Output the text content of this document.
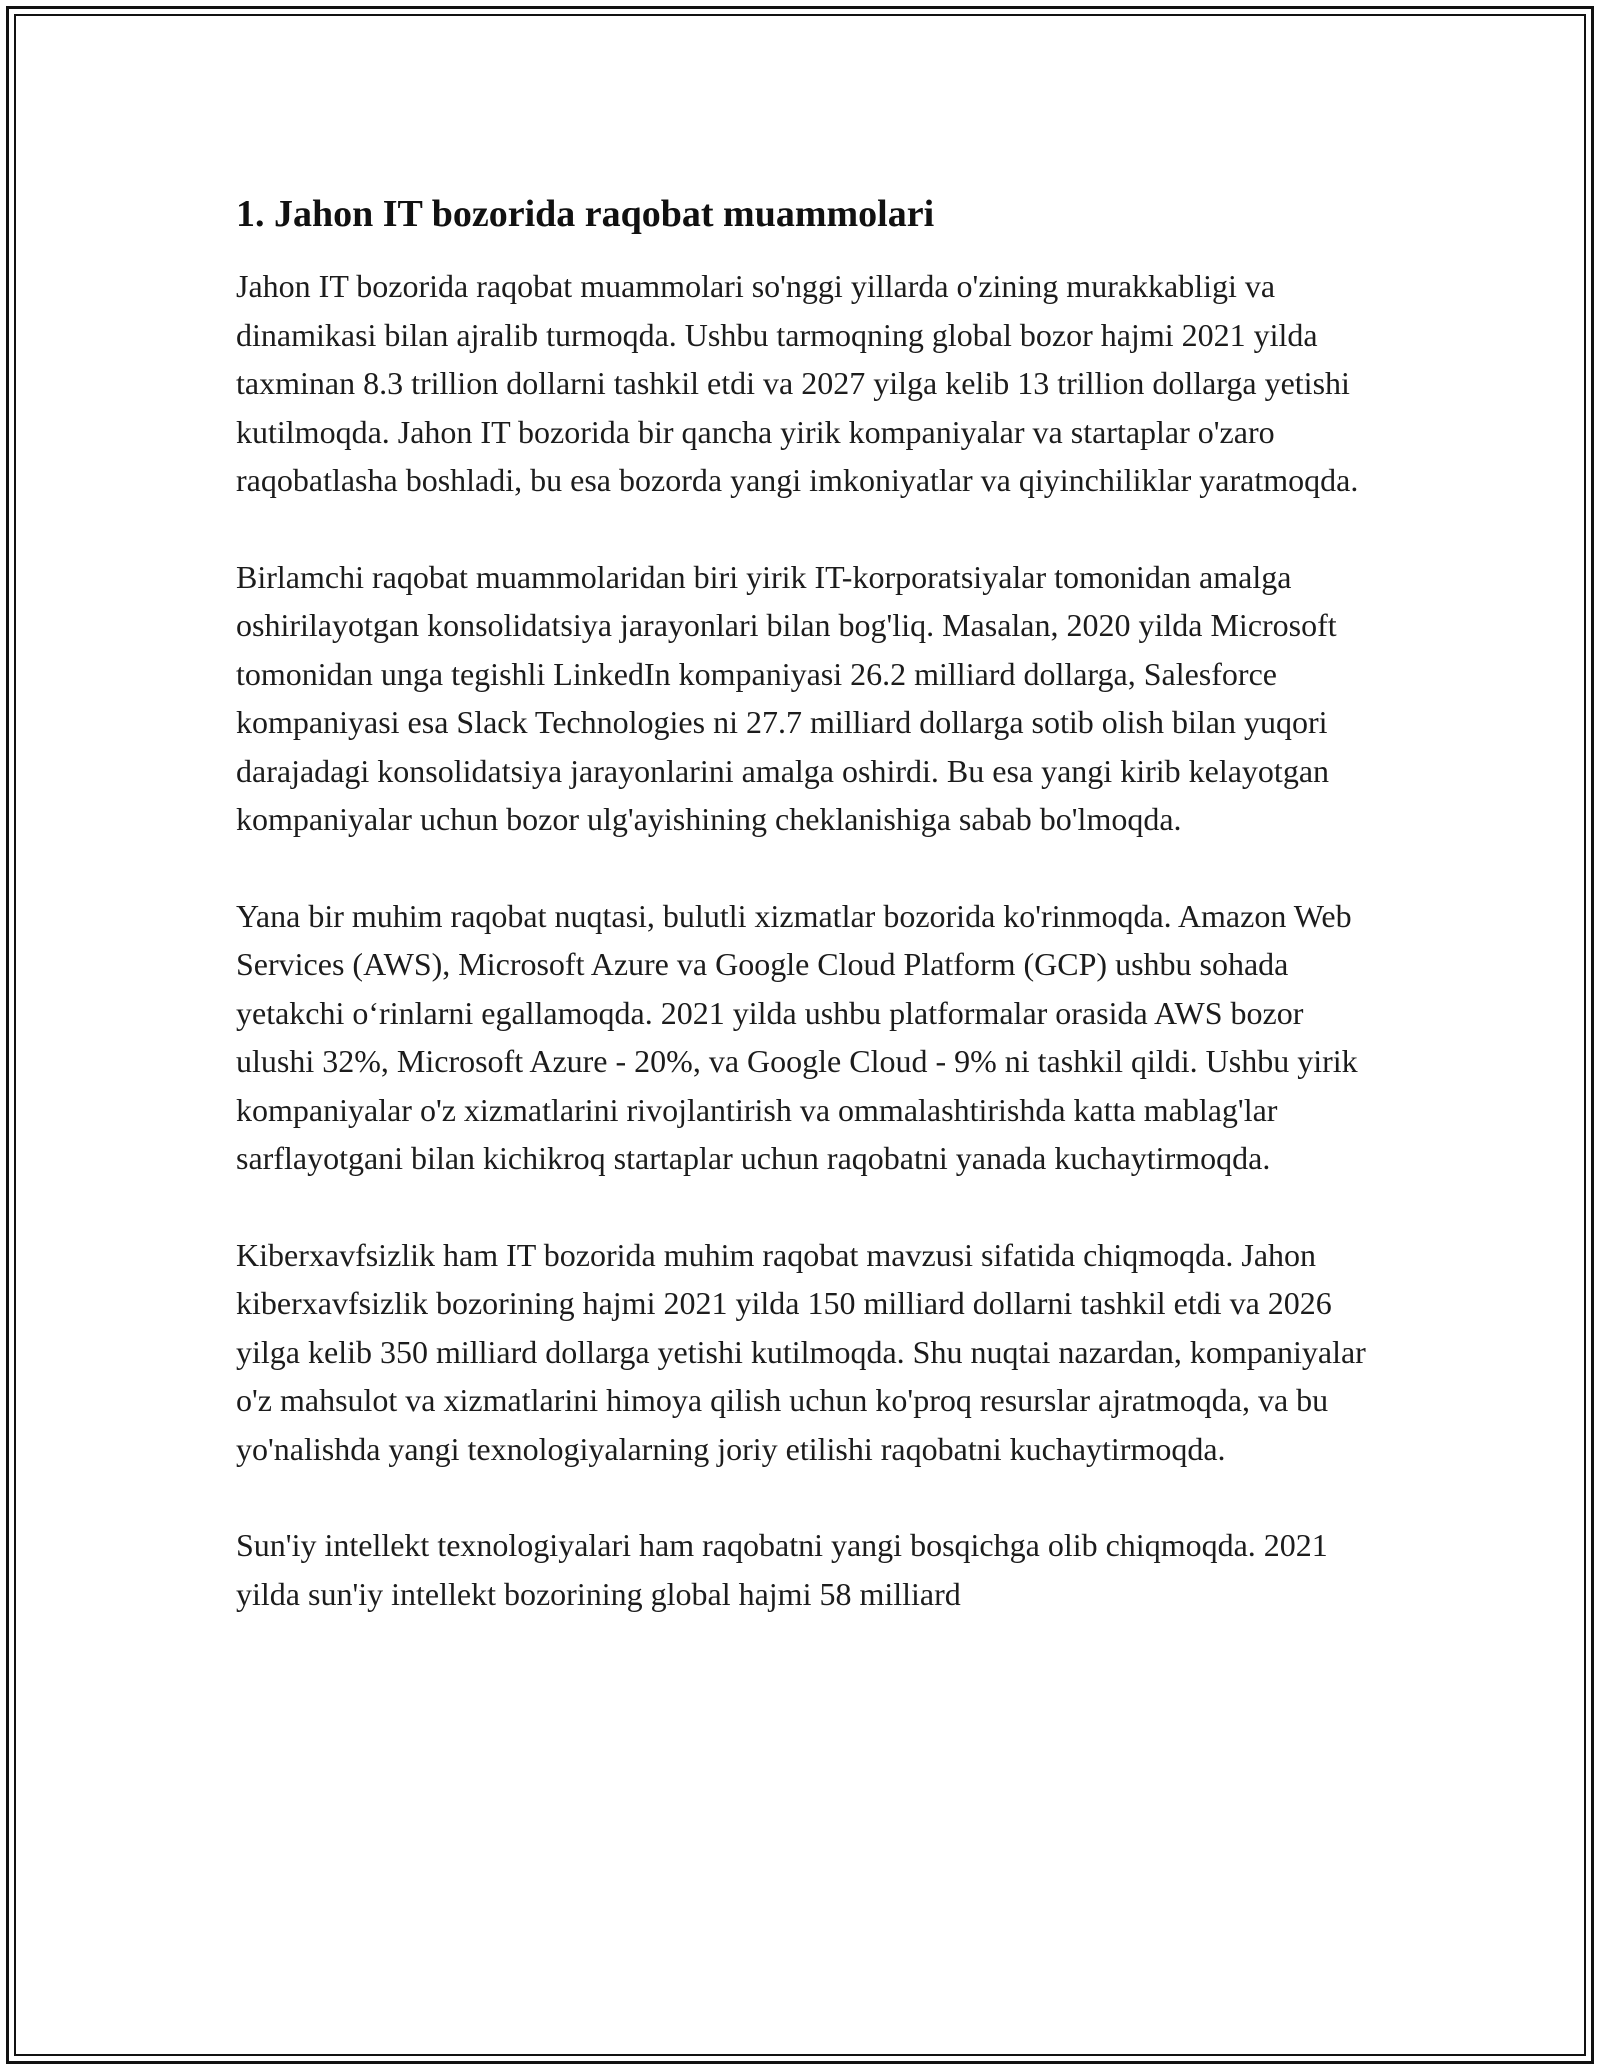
1. Jahon IT bozorida raqobat muammolari

Jahon IT bozorida raqobat muammolari so'nggi yillarda o'zining murakkabligi va dinamikasi bilan ajralib turmoqda. Ushbu tarmoqning global bozor hajmi 2021 yilda taxminan 8.3 trillion dollarni tashkil etdi va 2027 yilga kelib 13 trillion dollarga yetishi kutilmoqda. Jahon IT bozorida bir qancha yirik kompaniyalar va startaplar o'zaro raqobatlasha boshladi, bu esa bozorda yangi imkoniyatlar va qiyinchiliklar yaratmoqda.

Birlamchi raqobat muammolaridan biri yirik IT-korporatsiyalar tomonidan amalga oshirilayotgan konsolidatsiya jarayonlari bilan bog'liq. Masalan, 2020 yilda Microsoft tomonidan unga tegishli LinkedIn kompaniyasi 26.2 milliard dollarga, Salesforce kompaniyasi esa Slack Technologies ni 27.7 milliard dollarga sotib olish bilan yuqori darajadagi konsolidatsiya jarayonlarini amalga oshirdi. Bu esa yangi kirib kelayotgan kompaniyalar uchun bozor ulg'ayishining cheklanishiga sabab bo'lmoqda.

Yana bir muhim raqobat nuqtasi, bulutli xizmatlar bozorida ko'rinmoqda. Amazon Web Services (AWS), Microsoft Azure va Google Cloud Platform (GCP) ushbu sohada yetakchi o‘rinlarni egallamoqda. 2021 yilda ushbu platformalar orasida AWS bozor ulushi 32%, Microsoft Azure - 20%, va Google Cloud - 9% ni tashkil qildi. Ushbu yirik kompaniyalar o'z xizmatlarini rivojlantirish va ommalashtirishda katta mablag'lar sarflayotgani bilan kichikroq startaplar uchun raqobatni yanada kuchaytirmoqda.

Kiberxavfsizlik ham IT bozorida muhim raqobat mavzusi sifatida chiqmoqda. Jahon kiberxavfsizlik bozorining hajmi 2021 yilda 150 milliard dollarni tashkil etdi va 2026 yilga kelib 350 milliard dollarga yetishi kutilmoqda. Shu nuqtai nazardan, kompaniyalar o'z mahsulot va xizmatlarini himoya qilish uchun ko'proq resurslar ajratmoqda, va bu yo'nalishda yangi texnologiyalarning joriy etilishi raqobatni kuchaytirmoqda.

Sun'iy intellekt texnologiyalari ham raqobatni yangi bosqichga olib chiqmoqda. 2021 yilda sun'iy intellekt bozorining global hajmi 58 milliard
